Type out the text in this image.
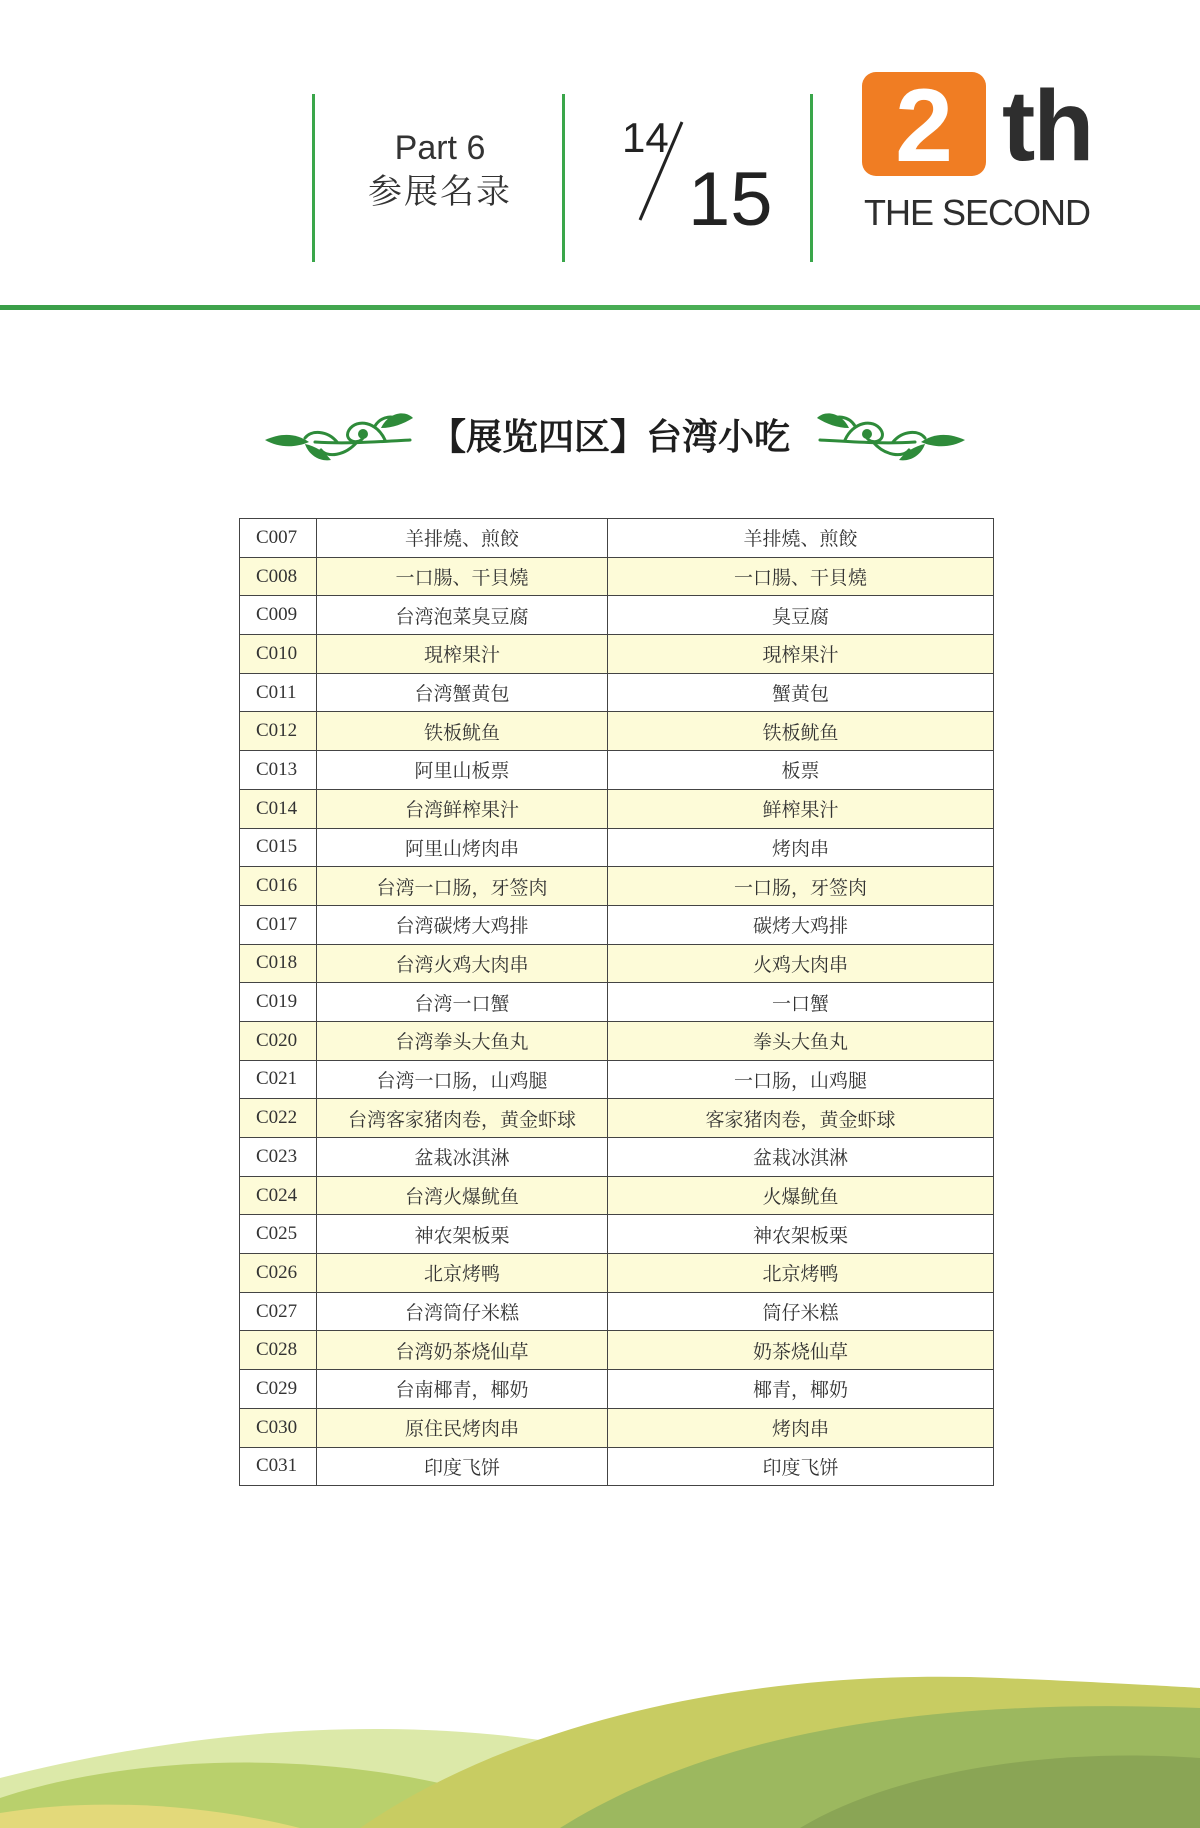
Part 6
参展名录
14
15
2 th
THE SECOND
【展览四区】台湾小吃
C007	羊排燒、煎餃	羊排燒、煎餃
C008	一口腸、干貝燒	一口腸、干貝燒
C009	台湾泡菜臭豆腐	臭豆腐
C010	現榨果汁	現榨果汁
C011	台湾蟹黄包	蟹黄包
C012	铁板鱿鱼	铁板鱿鱼
C013	阿里山板票	板票
C014	台湾鲜榨果汁	鲜榨果汁
C015	阿里山烤肉串	烤肉串
C016	台湾一口肠，牙签肉	一口肠，牙签肉
C017	台湾碳烤大鸡排	碳烤大鸡排
C018	台湾火鸡大肉串	火鸡大肉串
C019	台湾一口蟹	一口蟹
C020	台湾拳头大鱼丸	拳头大鱼丸
C021	台湾一口肠，山鸡腿	一口肠，山鸡腿
C022	台湾客家猪肉卷，黄金虾球	客家猪肉卷，黄金虾球
C023	盆栽冰淇淋	盆栽冰淇淋
C024	台湾火爆鱿鱼	火爆鱿鱼
C025	神农架板栗	神农架板栗
C026	北京烤鸭	北京烤鸭
C027	台湾筒仔米糕	筒仔米糕
C028	台湾奶茶烧仙草	奶茶烧仙草
C029	台南椰青，椰奶	椰青，椰奶
C030	原住民烤肉串	烤肉串
C031	印度飞饼	印度飞饼
